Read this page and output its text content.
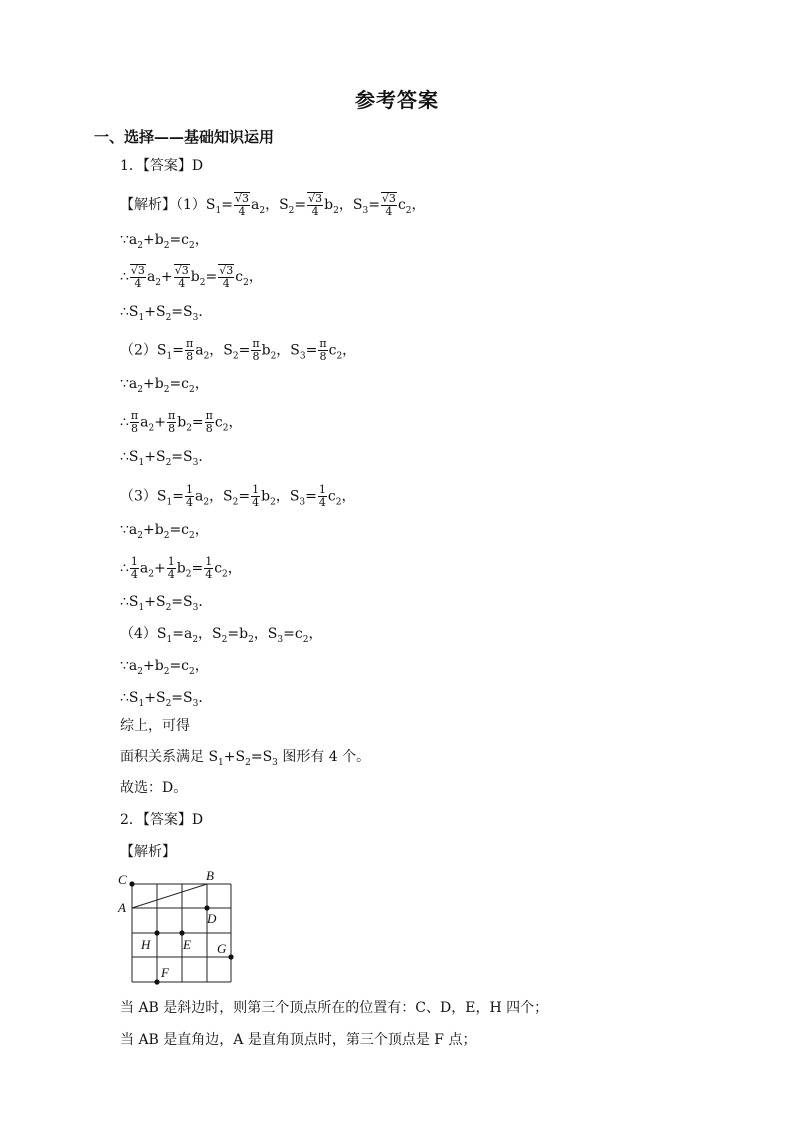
参考答案
一、选择——基础知识运用
1．【答案】D
【解析】$(1)S_1= \frac{√3}{4} a_2$，$S_2= \frac{√3}{4} b_2$，$S_3= \frac{√3}{4} c_2$，
$\because a_2+b_2=c_2$，
∴ $\frac{√3}{4} a_2+ \frac{√3}{4} b_2= \frac{√3}{4} c_2$，
$\therefore S_1+S_2=S_3$．
$(2)S_1= \frac{\pi}{8} a_2$，$S_2= \frac{\pi}{8} b_2$，$S_3= \frac{\pi}{8} c_2$，
$\because a_2+b_2=c_2$，
∴ $\frac{\pi}{8} a_2+ \frac{\pi}{8} b_2= \frac{\pi}{8} c_2$，
$\therefore S_1+S_2=S_3$．
$(3)S_1= \frac{1}{4} a_2$，$S_2= \frac{1}{4} b_2$，$S_3= \frac{1}{4} c_2$，
$\because a_2+b_2=c_2$，
∴ $\frac{1}{4} a_2+ \frac{1}{4} b_2= \frac{1}{4} c_2$，
$\therefore S_1+S_2=S_3$．
$(4)S_1=a_2$，$S_2=b_2$，$S_3=c_2$，
$\because a_2+b_2=c_2$，
$\therefore S_1+S_2=S_3$．
综上，可得
面积关系满足 $S_1+S_2=S_3$ 图形有 4 个。
故选：D。
2．【答案】D
【解析】
C	B
A
D
H	E G
F
当 AB 是斜边时，则第三个顶点所在的位置有：C、D，E，H 四个；
当 AB 是直角边，A 是直角顶点时，第三个顶点是 F 点；
